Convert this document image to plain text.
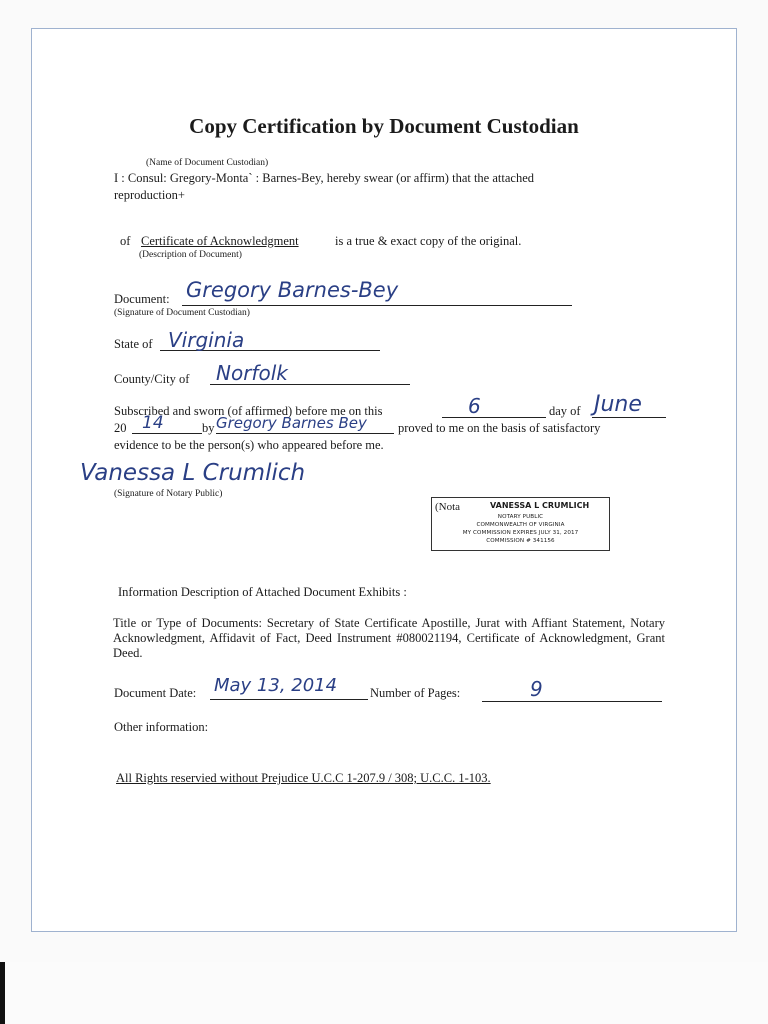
Copy Certification by Document Custodian
(Name of Document Custodian)
I : Consul: Gregory-Monta` : Barnes-Bey, hereby swear (or affirm) that the attached
reproduction+
of Certificate of Acknowledgment	is a true & exact copy of the original.
(Description of Document)
Document: Gregory Barnes-Bey
(Signature of Document Custodian)
State of Virginia
County/City of Norfolk
Subscribed and sworn (of affirmed) before me on this	6	day of June
20 14	by Gregory Barnes Bey proved to me on the basis of satisfactory
evidence to be the person(s) who appeared before me.
Vanessa L Crumlich
(Signature of Notary Public)
(Nota	VANESSA L CRUMLICH
NOTARY PUBLIC
COMMONWEALTH OF VIRGINIA
MY COMMISSION EXPIRES JULY 31, 2017
COMMISSION # 341156
Information Description of Attached Document Exhibits :
Title or Type of Documents: Secretary of State Certificate Apostille, Jurat with Affiant Statement, Notary Acknowledgment, Affidavit of Fact, Deed Instrument #080021194, Certificate of Acknowledgment, Grant Deed.
Document Date: May 13, 2014	Number of Pages:	9
Other information:
All Rights reservied without Prejudice U.C.C 1-207.9 / 308; U.C.C. 1-103.
